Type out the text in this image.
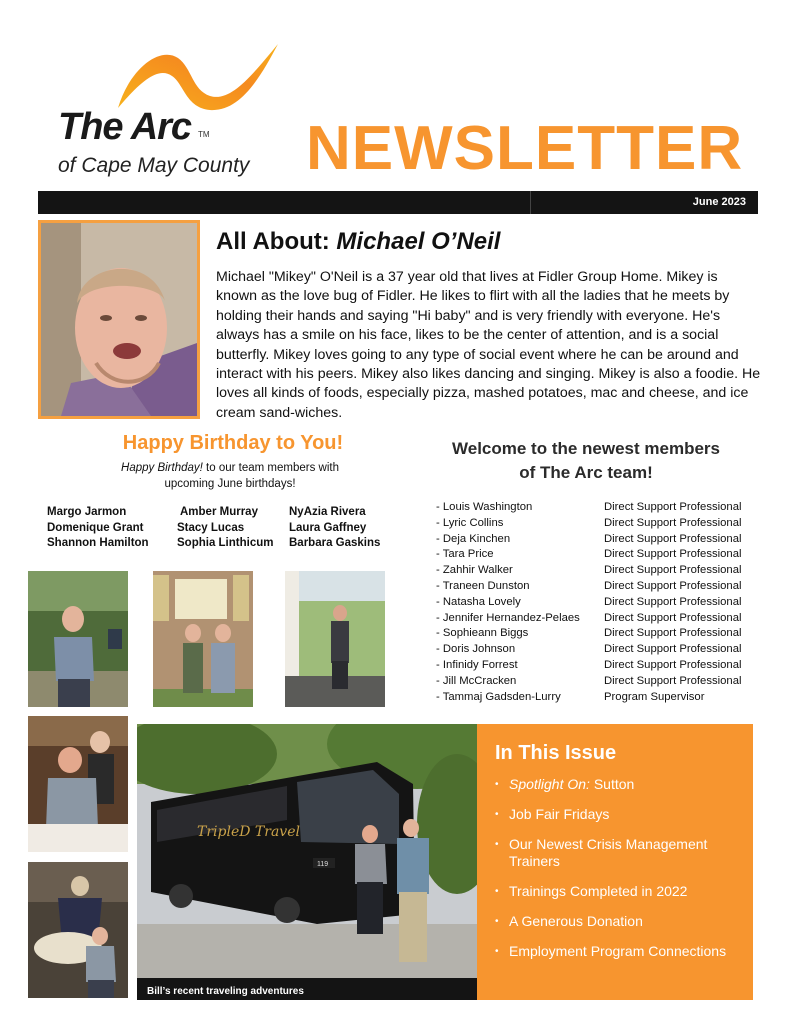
The Arc TM
of Cape May County NEWSLETTER
June 2023
All About: Michael O’Neil
Michael "Mikey" O'Neil is a 37 year old that lives at Fidler Group Home. Mikey is known as the love bug of Fidler. He likes to flirt with all the ladies that he meets by holding their hands and saying "Hi baby" and is very friendly with everyone. He's always has a smile on his face, likes to be the center of attention, and is a social butterfly. Mikey loves going to any type of social event where he can be around and interact with his peers. Mikey also likes dancing and singing. Mikey is also a foodie. He loves all kinds of foods, especially pizza, mashed potatoes, mac and cheese, and ice cream sand-wiches.
Happy Birthday to You!
Happy Birthday! to our team members with upcoming June birthdays!
Margo Jarmon
Domenique Grant
Shannon Hamilton
Amber Murray
Stacy Lucas
Sophia Linthicum
NyAzia Rivera
Laura Gaffney
Barbara Gaskins
Welcome to the newest members
of The Arc team!
- Louis Washington	Direct Support Professional
- Lyric Collins	Direct Support Professional
- Deja Kinchen	Direct Support Professional
- Tara Price	Direct Support Professional
- Zahhir Walker	Direct Support Professional
- Traneen Dunston	Direct Support Professional
- Natasha Lovely	Direct Support Professional
- Jennifer Hernandez-Pelaes	Direct Support Professional
- Sophieann Biggs	Direct Support Professional
- Doris Johnson	Direct Support Professional
- Infinidy Forrest	Direct Support Professional
- Jill McCracken	Direct Support Professional
- Tammaj Gadsden-Lurry	Program Supervisor
TripleD Travel
119
Bill’s recent traveling adventures
In This Issue
• Spotlight On: Sutton
• Job Fair Fridays
• Our Newest Crisis Management Trainers
• Trainings Completed in 2022
• A Generous Donation
• Employment Program Connections
